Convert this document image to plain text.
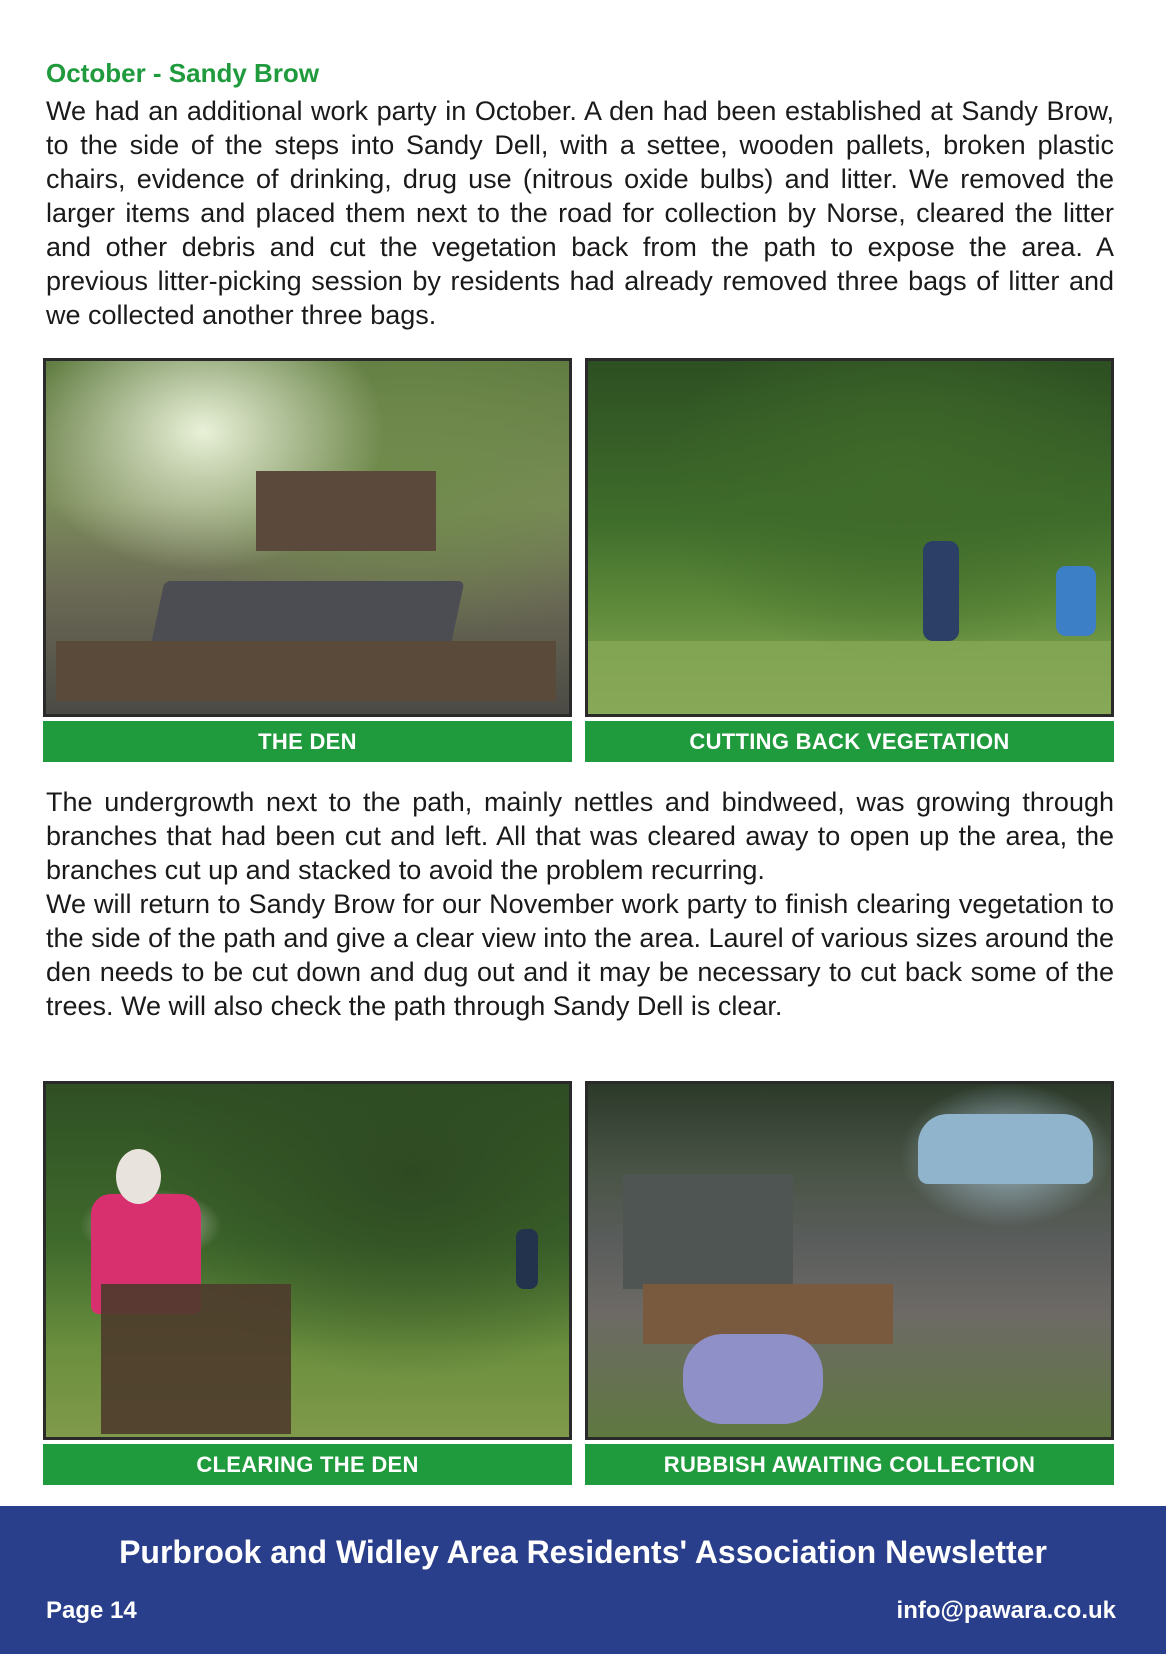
October - Sandy Brow

We had an additional work party in October. A den had been established at Sandy Brow, to the side of the steps into Sandy Dell, with a settee, wooden pallets, broken plastic chairs, evidence of drinking, drug use (nitrous oxide bulbs) and litter. We removed the larger items and placed them next to the road for collection by Norse, cleared the litter and other debris and cut the vegetation back from the path to expose the area. A previous litter-picking session by residents had already removed three bags of litter and we collected another three bags.

THE DEN	CUTTING BACK VEGETATION

The undergrowth next to the path, mainly nettles and bindweed, was growing through branches that had been cut and left. All that was cleared away to open up the area, the branches cut up and stacked to avoid the problem recurring.

We will return to Sandy Brow for our November work party to finish clearing vegetation to the side of the path and give a clear view into the area. Laurel of various sizes around the den needs to be cut down and dug out and it may be necessary to cut back some of the trees. We will also check the path through Sandy Dell is clear.

CLEARING THE DEN	RUBBISH AWAITING COLLECTION
Purbrook and Widley Area Residents' Association Newsletter
Page 14	info@pawara.co.uk
